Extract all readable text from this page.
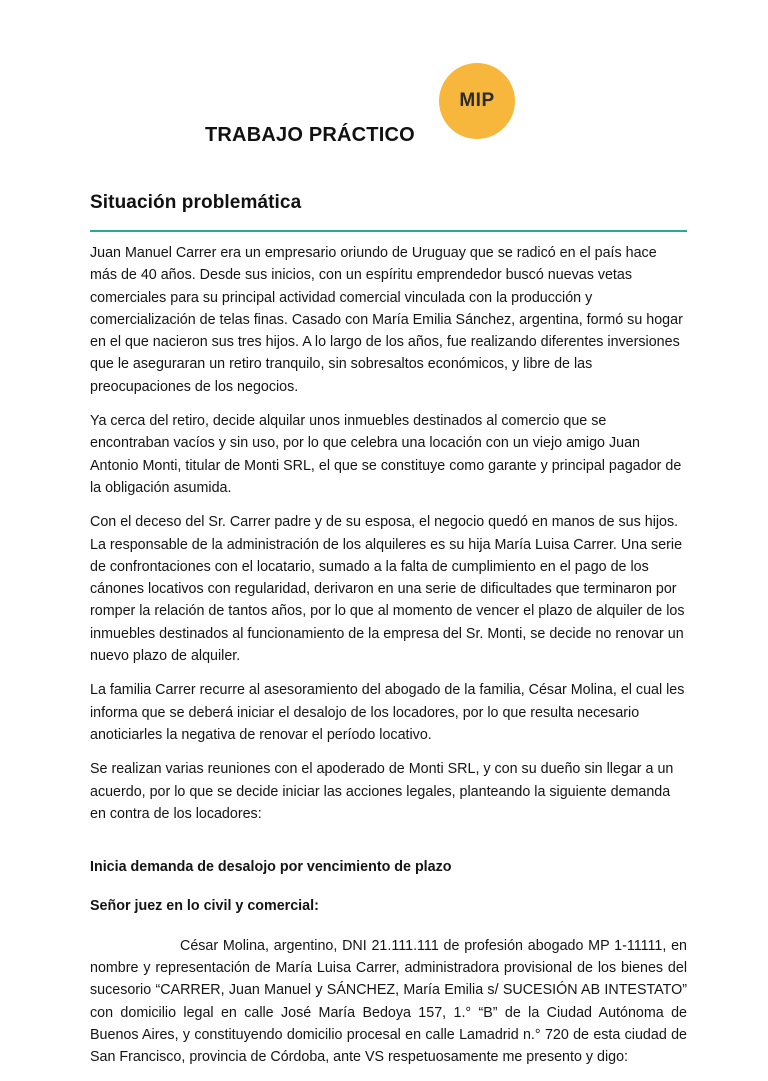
MIP
TRABAJO PRÁCTICO
Situación problemática

Juan Manuel Carrer era un empresario oriundo de Uruguay que se radicó en el país hace más de 40 años. Desde sus inicios, con un espíritu emprendedor buscó nuevas vetas comerciales para su principal actividad comercial vinculada con la producción y comercialización de telas finas. Casado con María Emilia Sánchez, argentina, formó su hogar en el que nacieron sus tres hijos. A lo largo de los años, fue realizando diferentes inversiones que le aseguraran un retiro tranquilo, sin sobresaltos económicos, y libre de las preocupaciones de los negocios.

Ya cerca del retiro, decide alquilar unos inmuebles destinados al comercio que se encontraban vacíos y sin uso, por lo que celebra una locación con un viejo amigo Juan Antonio Monti, titular de Monti SRL, el que se constituye como garante y principal pagador de la obligación asumida.

Con el deceso del Sr. Carrer padre y de su esposa, el negocio quedó en manos de sus hijos. La responsable de la administración de los alquileres es su hija María Luisa Carrer. Una serie de confrontaciones con el locatario, sumado a la falta de cumplimiento en el pago de los cánones locativos con regularidad, derivaron en una serie de dificultades que terminaron por romper la relación de tantos años, por lo que al momento de vencer el plazo de alquiler de los inmuebles destinados al funcionamiento de la empresa del Sr. Monti, se decide no renovar un nuevo plazo de alquiler.

La familia Carrer recurre al asesoramiento del abogado de la familia, César Molina, el cual les informa que se deberá iniciar el desalojo de los locadores, por lo que resulta necesario anoticiarles la negativa de renovar el período locativo.

Se realizan varias reuniones con el apoderado de Monti SRL, y con su dueño sin llegar a un acuerdo, por lo que se decide iniciar las acciones legales, planteando la siguiente demanda en contra de los locadores:

Inicia demanda de desalojo por vencimiento de plazo

Señor juez en lo civil y comercial:

César Molina, argentino, DNI 21.111.111 de profesión abogado MP 1-11111, en nombre y representación de María Luisa Carrer, administradora provisional de los bienes del sucesorio “CARRER, Juan Manuel y SÁNCHEZ, María Emilia s/ SUCESIÓN AB INTESTATO” con domicilio legal en calle José María Bedoya 157, 1.° “B” de la Ciudad Autónoma de Buenos Aires, y constituyendo domicilio procesal en calle Lamadrid n.° 720 de esta ciudad de San Francisco, provincia de Córdoba, ante VS respetuosamente me presento y digo:
